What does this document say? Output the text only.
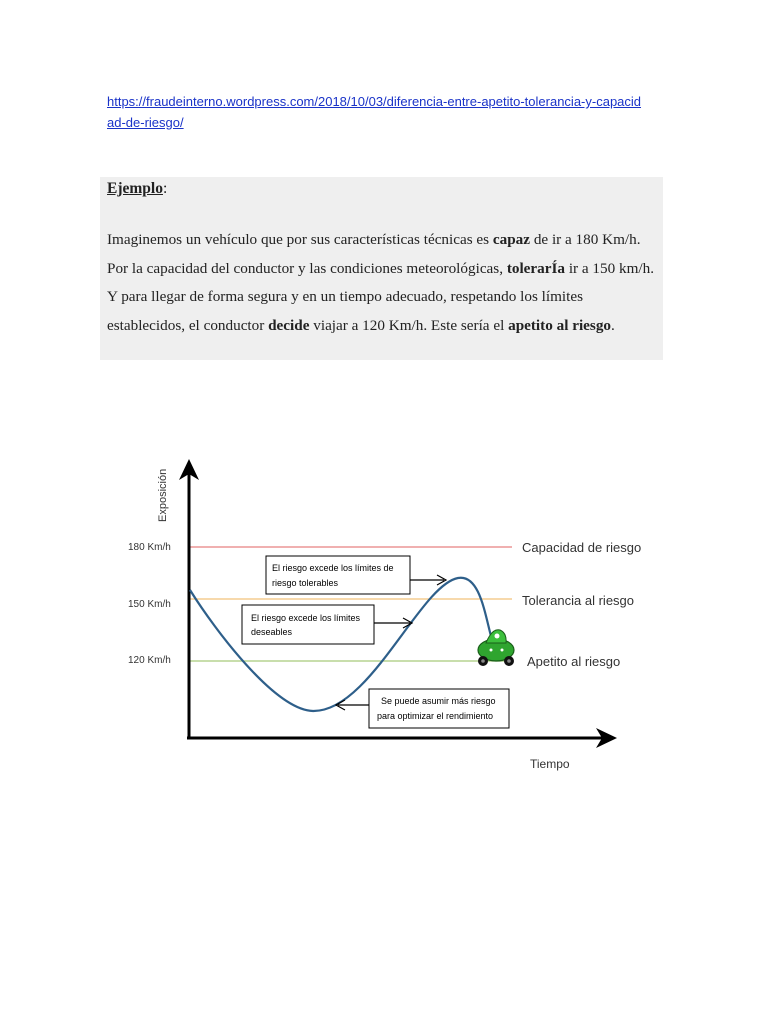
https://fraudeinterno.wordpress.com/2018/10/03/diferencia-entre-apetito-tolerancia-y-capacidad-de-riesgo/
Ejemplo:
Imaginemos un vehículo que por sus características técnicas es capaz de ir a 180 Km/h. Por la capacidad del conductor y las condiciones meteorológicas, tolerarÍa ir a 150 km/h. Y para llegar de forma segura y en un tiempo adecuado, respetando los límites establecidos, el conductor decide viajar a 120 Km/h. Este sería el apetito al riesgo.
Exposición
Tiempo
180 Km/h
150 Km/h
120 Km/h
Capacidad de riesgo
Tolerancia al riesgo
Apetito al riesgo
El riesgo excede los límites de
riesgo tolerables
El riesgo excede los límites
deseables
Se puede asumir más riesgo
para optimizar el rendimiento
